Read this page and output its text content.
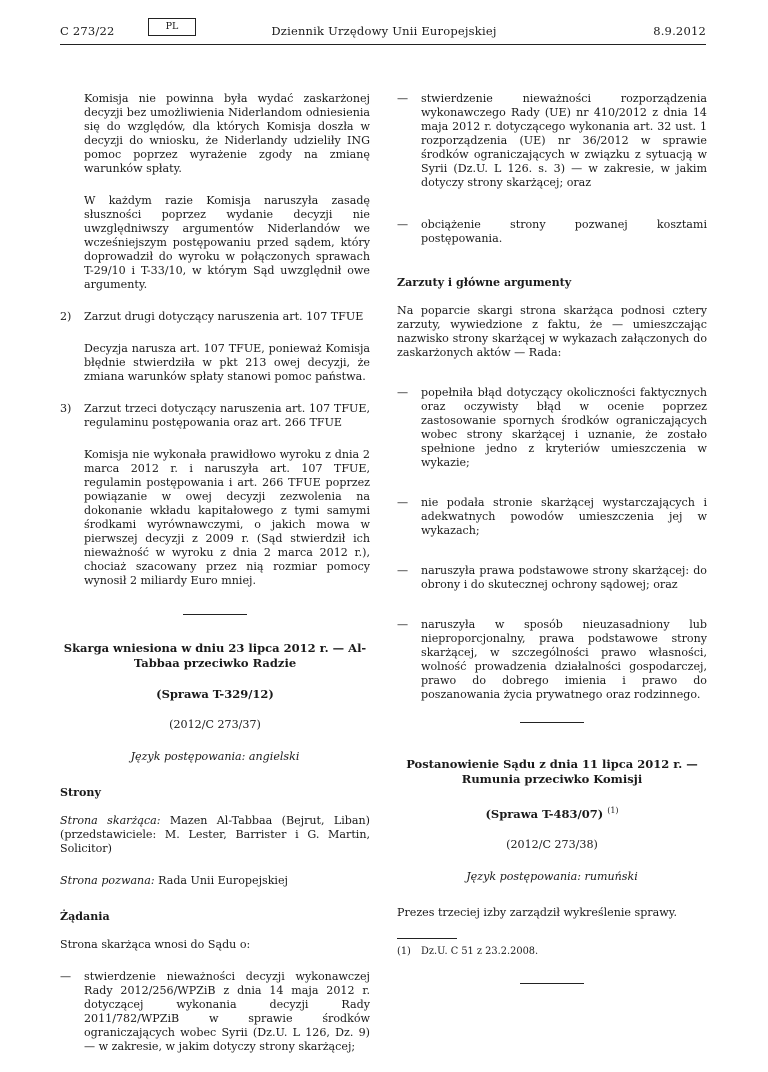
C 273/22	PL	Dziennik Urzędowy Unii Europejskiej	8.9.2012

Komisja nie powinna była wydać zaskarżonej decyzji bez umożliwienia Niderlandom odniesienia się do względów, dla których Komisja doszła w decyzji do wniosku, że Niderlandy udzieliły ING pomoc poprzez wyrażenie zgody na zmianę warunków spłaty.

W każdym razie Komisja naruszyła zasadę słuszności poprzez wydanie decyzji nie uwzględniwszy argumentów Niderlandów we wcześniejszym postępowaniu przed sądem, który doprowadził do wyroku w połączonych sprawach T-29/10 i T-33/10, w którym Sąd uwzględnił owe argumenty.

2)	Zarzut drugi dotyczący naruszenia art. 107 TFUE

Decyzja narusza art. 107 TFUE, ponieważ Komisja błędnie stwierdziła w pkt 213 owej decyzji, że zmiana warunków spłaty stanowi pomoc państwa.

3)	Zarzut trzeci dotyczący naruszenia art. 107 TFUE, regulaminu postępowania oraz art. 266 TFUE

Komisja nie wykonała prawidłowo wyroku z dnia 2 marca 2012 r. i naruszyła art. 107 TFUE, regulamin postępowania i art. 266 TFUE poprzez powiązanie w owej decyzji zezwolenia na dokonanie wkładu kapitałowego z tymi samymi środkami wyrównawczymi, o jakich mowa w pierwszej decyzji z 2009 r. (Sąd stwierdził ich nieważność w wyroku z dnia 2 marca 2012 r.), chociaż szacowany przez nią rozmiar pomocy wynosił 2 miliardy Euro mniej.

Skarga wniesiona w dniu 23 lipca 2012 r. — Al-Tabbaa przeciwko Radzie
(Sprawa T-329/12)
(2012/C 273/37)
Język postępowania: angielski
Strony

Strona skarżąca: Mazen Al-Tabbaa (Bejrut, Liban) (przedstawiciele: M. Lester, Barrister i G. Martin, Solicitor)

Strona pozwana: Rada Unii Europejskiej

Żądania

Strona skarżąca wnosi do Sądu o:

—	stwierdzenie nieważności decyzji wykonawczej Rady 2012/256/WPZiB z dnia 14 maja 2012 r. dotyczącej wykonania decyzji Rady 2011/782/WPZiB w sprawie środków ograniczających wobec Syrii (Dz.U. L 126, Dz. 9) — w zakresie, w jakim dotyczy strony skarżącej;
—	stwierdzenie nieważności rozporządzenia wykonawczego Rady (UE) nr 410/2012 z dnia 14 maja 2012 r. dotyczącego wykonania art. 32 ust. 1 rozporządzenia (UE) nr 36/2012 w sprawie środków ograniczających w związku z sytuacją w Syrii (Dz.U. L 126. s. 3) — w zakresie, w jakim dotyczy strony skarżącej; oraz
—	obciążenie strony pozwanej kosztami postępowania.
Zarzuty i główne argumenty

Na poparcie skargi strona skarżąca podnosi cztery zarzuty, wywiedzione z faktu, że — umieszczając nazwisko strony skarżącej w wykazach załączonych do zaskarżonych aktów — Rada:

—	popełniła błąd dotyczący okoliczności faktycznych oraz oczywisty błąd w ocenie poprzez zastosowanie spornych środków ograniczających wobec strony skarżącej i uznanie, że zostało spełnione jedno z kryteriów umieszczenia w wykazie;
—	nie podała stronie skarżącej wystarczających i adekwatnych powodów umieszczenia jej w wykazach;
—	naruszyła prawa podstawowe strony skarżącej: do obrony i do skutecznej ochrony sądowej; oraz
—	naruszyła w sposób nieuzasadniony lub nieproporcjonalny, prawa podstawowe strony skarżącej, w szczególności prawo własności, wolność prowadzenia działalności gospodarczej, prawo do dobrego imienia i prawo do poszanowania życia prywatnego oraz rodzinnego.
Postanowienie Sądu z dnia 11 lipca 2012 r. — Rumunia przeciwko Komisji
(Sprawa T-483/07) $^{(1)}$
(2012/C 273/38)
Język postępowania: rumuński

Prezes trzeciej izby zarządził wykreślenie sprawy.

(1)	Dz.U. C 51 z 23.2.2008.
